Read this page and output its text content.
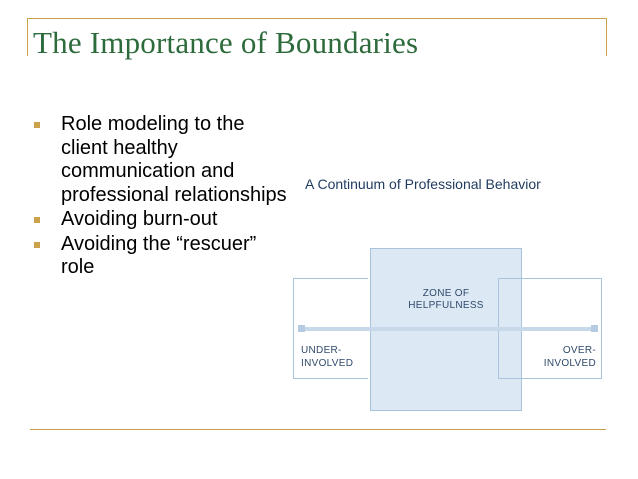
The Importance of Boundaries
Role modeling to the client healthy communication and professional relationships
Avoiding burn-out
Avoiding the “rescuer” role
A Continuum of Professional Behavior
ZONE OF
HELPFULNESS
UNDER-
INVOLVED
OVER-
INVOLVED
